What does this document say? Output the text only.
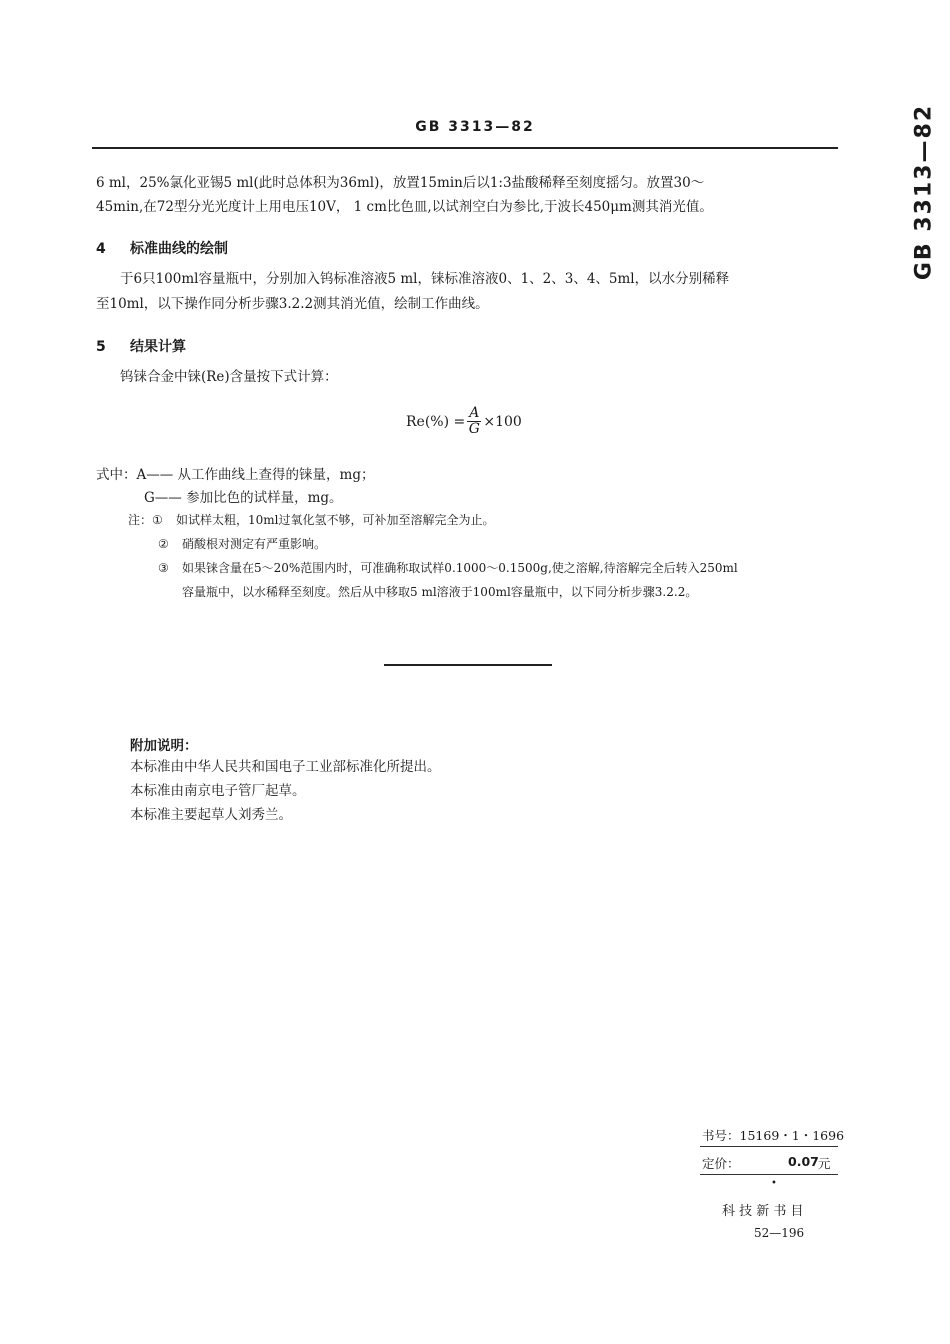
GB 3313—82	GB 3313—82
6 ml，25%氯化亚锡5 ml(此时总体积为36ml)，放置15min后以1:3盐酸稀释至刻度摇匀。放置30～
45min,在72型分光光度计上用电压10V， 1 cm比色皿,以试剂空白为参比,于波长450μm测其消光值。
4 标准曲线的绘制
于6只100ml容量瓶中，分别加入钨标准溶液5 ml，铼标准溶液0、1、2、3、4、5ml，以水分别稀释
至10ml，以下操作同分析步骤3.2.2测其消光值，绘制工作曲线。
5 结果计算
钨铼合金中铼(Re)含量按下式计算：
$Re(\%) = \frac{A}{G} \times 100$
式中：A—— 从工作曲线上查得的铼量，mg；
G—— 参加比色的试样量，mg。
注：① 如试样太粗，10ml过氧化氢不够，可补加至溶解完全为止。
② 硝酸根对测定有严重影响。
③ 如果铼含量在5～20%范围内时，可准确称取试样0.1000～0.1500g,使之溶解,待溶解完全后转入250ml
容量瓶中，以水稀释至刻度。然后从中移取5 ml溶液于100ml容量瓶中，以下同分析步骤3.2.2。
附加说明：
本标准由中华人民共和国电子工业部标准化所提出。
本标准由南京电子管厂起草。
本标准主要起草人刘秀兰。
书号：15169・1・1696
定价：	0.07 元
•
科 技 新 书 目
52—196
